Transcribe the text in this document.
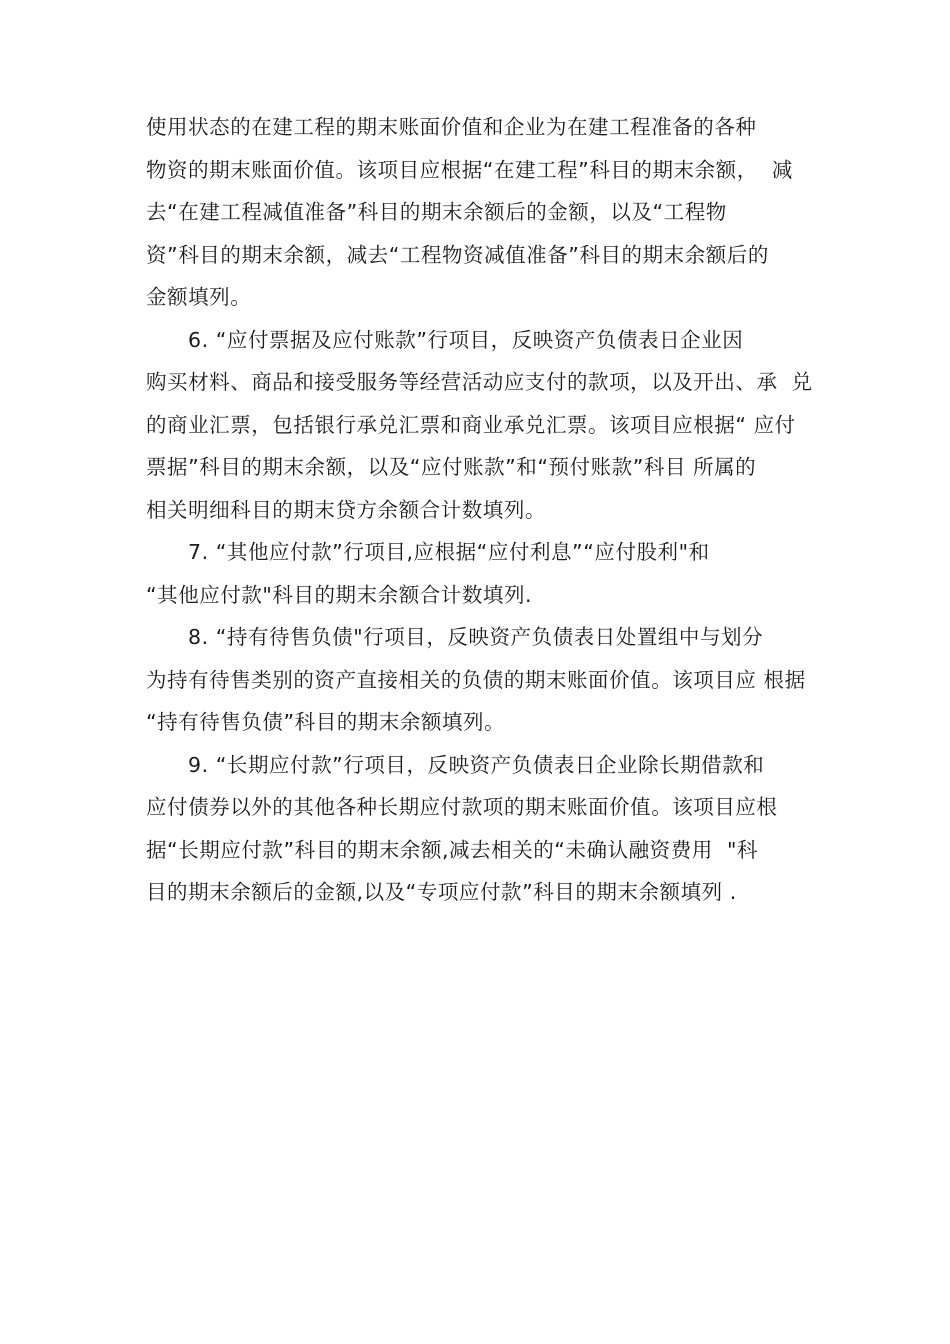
使用状态的在建工程的期末账面价值和企业为在建工程准备的各种
物资的期末账面价值。该项目应根据“在建工程”科目的期末余额，  减
去“在建工程减值准备”科目的期末余额后的金额，以及“工程物
资”科目的期末余额，减去“工程物资减值准备”科目的期末余额后的
金额填列。
6. “应付票据及应付账款”行项目，反映资产负债表日企业因
购买材料、商品和接受服务等经营活动应支付的款项，以及开出、承  兑
的商业汇票，包括银行承兑汇票和商业承兑汇票。该项目应根据“ 应付
票据”科目的期末余额，以及“应付账款”和“预付账款”科目 所属的
相关明细科目的期末贷方余额合计数填列。
7. “其他应付款”行项目,应根据“应付利息”“应付股利"和
“其他应付款"科目的期末余额合计数填列.
8. “持有待售负债"行项目，反映资产负债表日处置组中与划分
为持有待售类别的资产直接相关的负债的期末账面价值。该项目应 根据
“持有待售负债”科目的期末余额填列。
9. “长期应付款”行项目，反映资产负债表日企业除长期借款和
应付债券以外的其他各种长期应付款项的期末账面价值。该项目应根
据“长期应付款”科目的期末余额,减去相关的“未确认融资费用  "科
目的期末余额后的金额,以及“专项应付款”科目的期末余额填列 .
